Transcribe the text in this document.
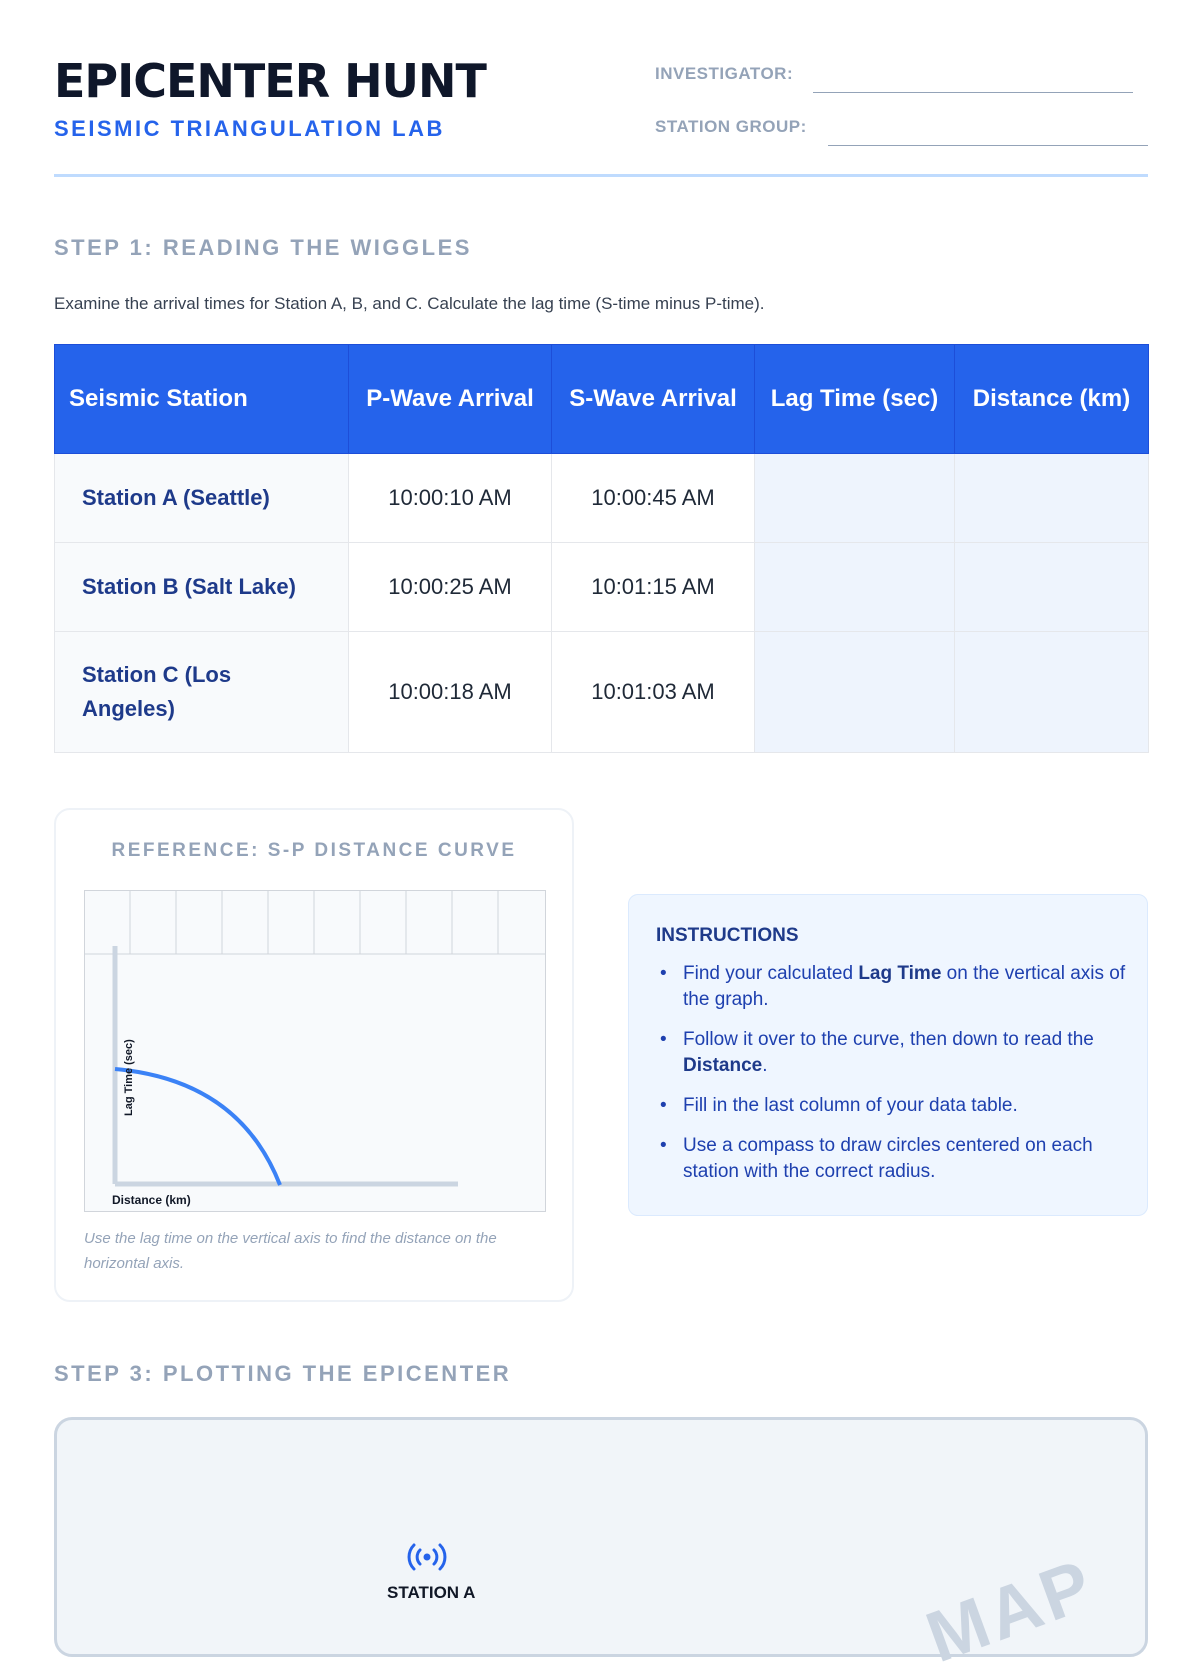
EPICENTER HUNT
SEISMIC TRIANGULATION LAB
INVESTIGATOR:
STATION GROUP:
STEP 1: READING THE WIGGLES
Examine the arrival times for Station A, B, and C. Calculate the lag time (S-time minus P-time).
Seismic Station	P-Wave Arrival	S-Wave Arrival	Lag Time (sec)	Distance (km)
Station A (Seattle)	10:00:10 AM	10:00:45 AM		
Station B (Salt Lake)	10:00:25 AM	10:01:15 AM		
Station C (Los Angeles)	10:00:18 AM	10:01:03 AM		
REFERENCE: S-P DISTANCE CURVE
Lag Time (sec)
Distance (km)
Use the lag time on the vertical axis to find the distance on the horizontal axis.
INSTRUCTIONS
• Find your calculated Lag Time on the vertical axis of the graph.
• Follow it over to the curve, then down to read the Distance.
• Fill in the last column of your data table.
• Use a compass to draw circles centered on each station with the correct radius.
STEP 3: PLOTTING THE EPICENTER
STATION A	MAP
